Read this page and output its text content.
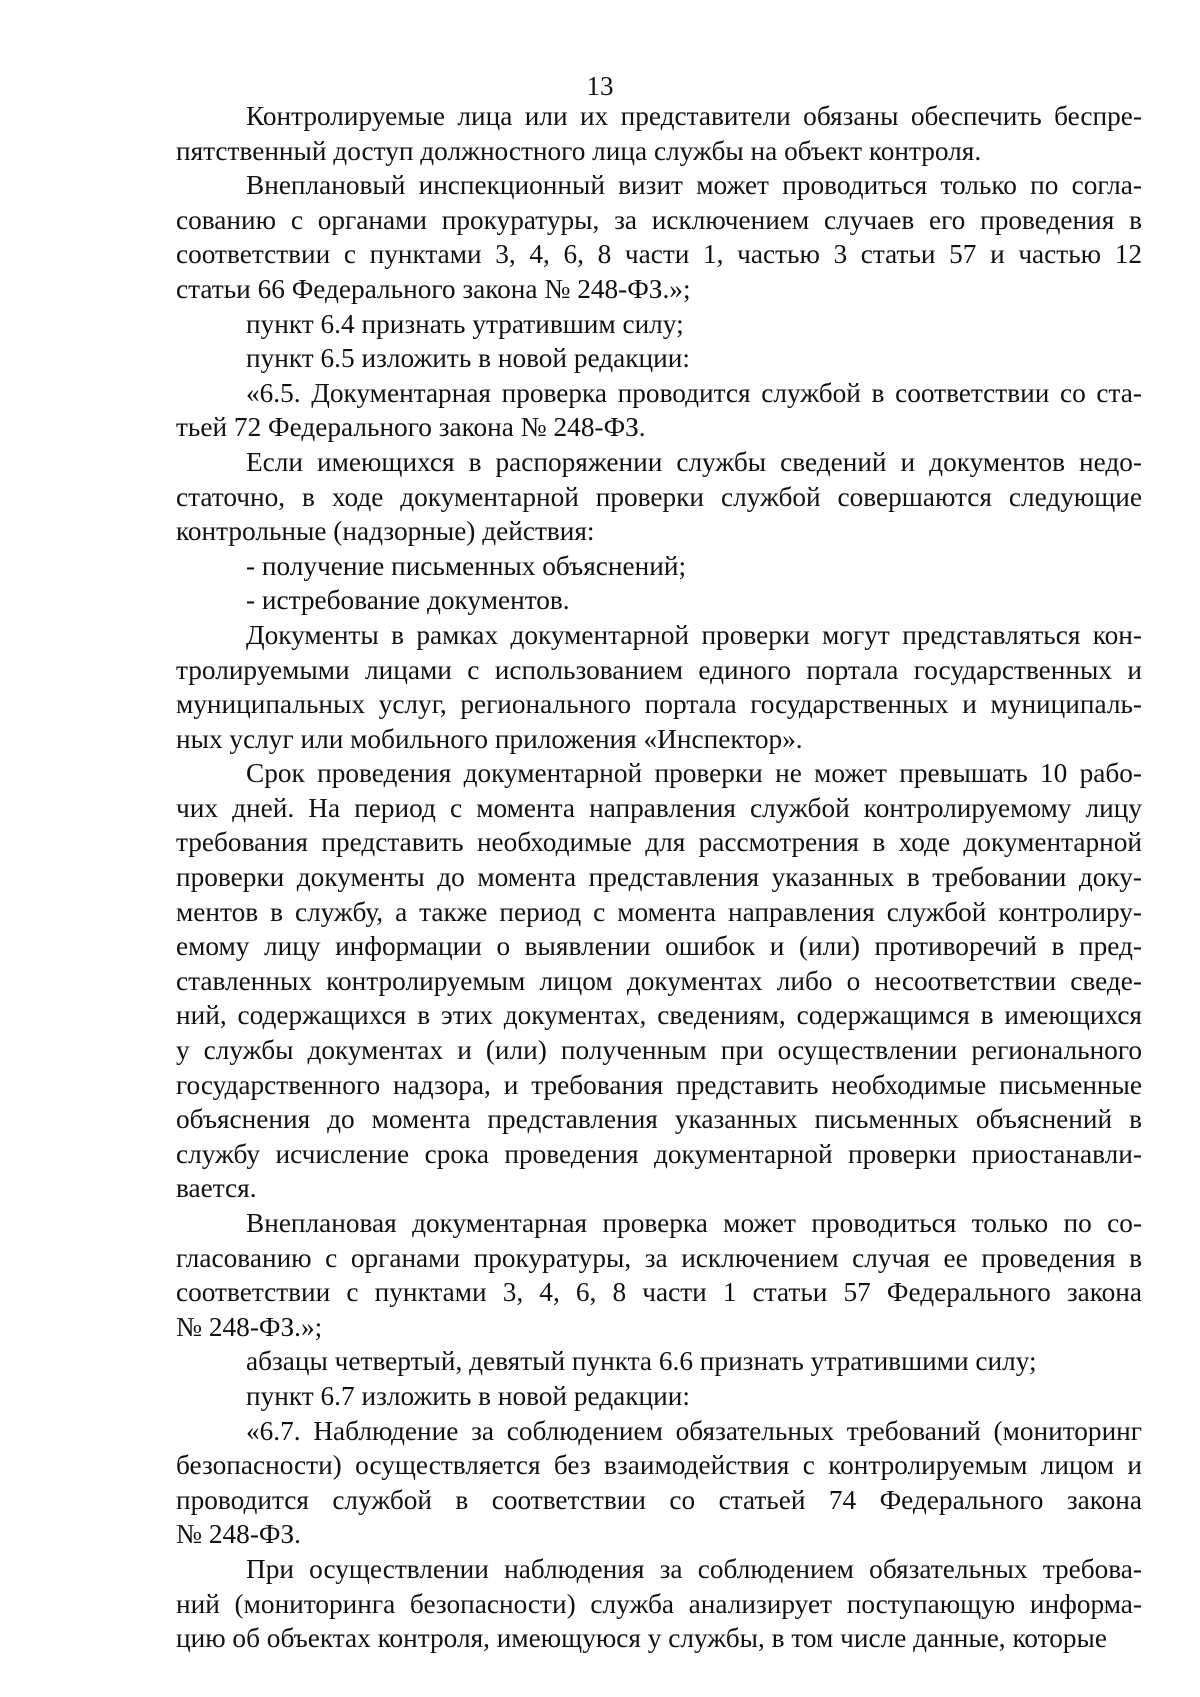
13
Контролируемые лица или их представители обязаны обеспечить беспре-
пятственный доступ должностного лица службы на объект контроля.
Внеплановый инспекционный визит может проводиться только по согла-
сованию с органами прокуратуры, за исключением случаев его проведения в
соответствии с пунктами 3, 4, 6, 8 части 1, частью 3 статьи 57 и частью 12
статьи 66 Федерального закона № 248-ФЗ.»;
пункт 6.4 признать утратившим силу;
пункт 6.5 изложить в новой редакции:
«6.5. Документарная проверка проводится службой в соответствии со ста-
тьей 72 Федерального закона № 248-ФЗ.
Если имеющихся в распоряжении службы сведений и документов недо-
статочно, в ходе документарной проверки службой совершаются следующие
контрольные (надзорные) действия:
- получение письменных объяснений;
- истребование документов.
Документы в рамках документарной проверки могут представляться кон-
тролируемыми лицами с использованием единого портала государственных и
муниципальных услуг, регионального портала государственных и муниципаль-
ных услуг или мобильного приложения «Инспектор».
Срок проведения документарной проверки не может превышать 10 рабо-
чих дней. На период с момента направления службой контролируемому лицу
требования представить необходимые для рассмотрения в ходе документарной
проверки документы до момента представления указанных в требовании доку-
ментов в службу, а также период с момента направления службой контролиру-
емому лицу информации о выявлении ошибок и (или) противоречий в пред-
ставленных контролируемым лицом документах либо о несоответствии сведе-
ний, содержащихся в этих документах, сведениям, содержащимся в имеющихся
у службы документах и (или) полученным при осуществлении регионального
государственного надзора, и требования представить необходимые письменные
объяснения до момента представления указанных письменных объяснений в
службу исчисление срока проведения документарной проверки приостанавли-
вается.
Внеплановая документарная проверка может проводиться только по со-
гласованию с органами прокуратуры, за исключением случая ее проведения в
соответствии с пунктами 3, 4, 6, 8 части 1 статьи 57 Федерального закона
№ 248-ФЗ.»;
абзацы четвертый, девятый пункта 6.6 признать утратившими силу;
пункт 6.7 изложить в новой редакции:
«6.7. Наблюдение за соблюдением обязательных требований (мониторинг
безопасности) осуществляется без взаимодействия с контролируемым лицом и
проводится службой в соответствии со статьей 74 Федерального закона
№ 248-ФЗ.
При осуществлении наблюдения за соблюдением обязательных требова-
ний (мониторинга безопасности) служба анализирует поступающую информа-
цию об объектах контроля, имеющуюся у службы, в том числе данные, которые
